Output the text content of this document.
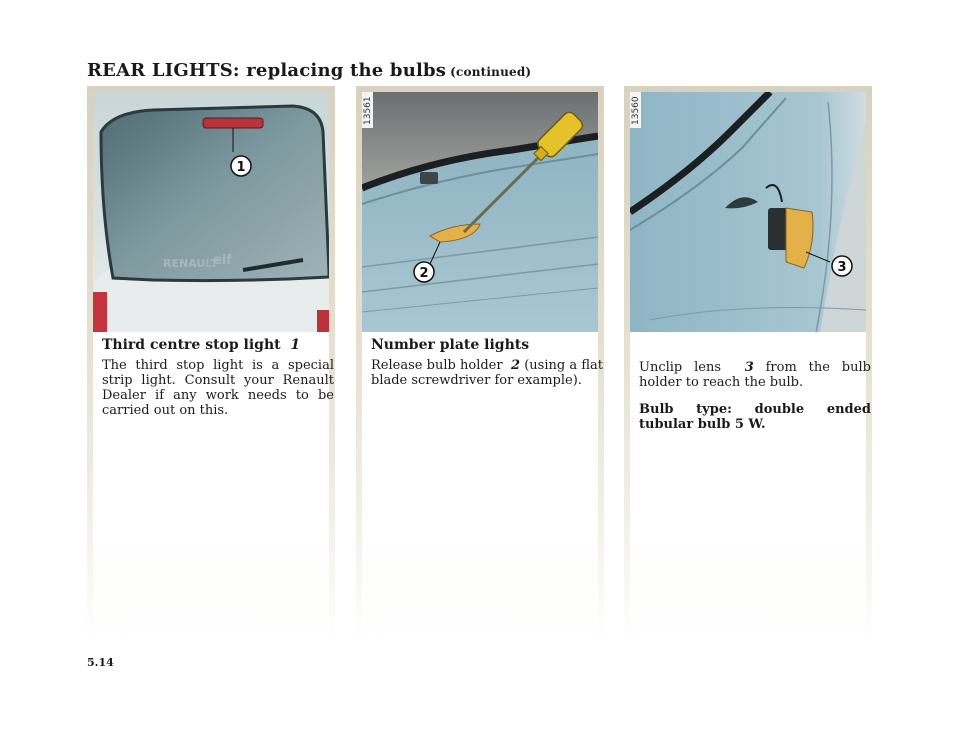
REAR LIGHTS: replacing the bulbs (continued)
RENAULT
elf
1

Third centre stop light 1

The third stop light is a special strip light. Consult your Renault Dealer if any work needs to be carried out on this.

13561
2

Number plate lights

Release bulb holder 2 (using a flat blade screwdriver for example).

13560
3

Unclip lens 3 from the bulb holder to reach the bulb.

Bulb type: double ended tubular bulb 5 W.

5.14
